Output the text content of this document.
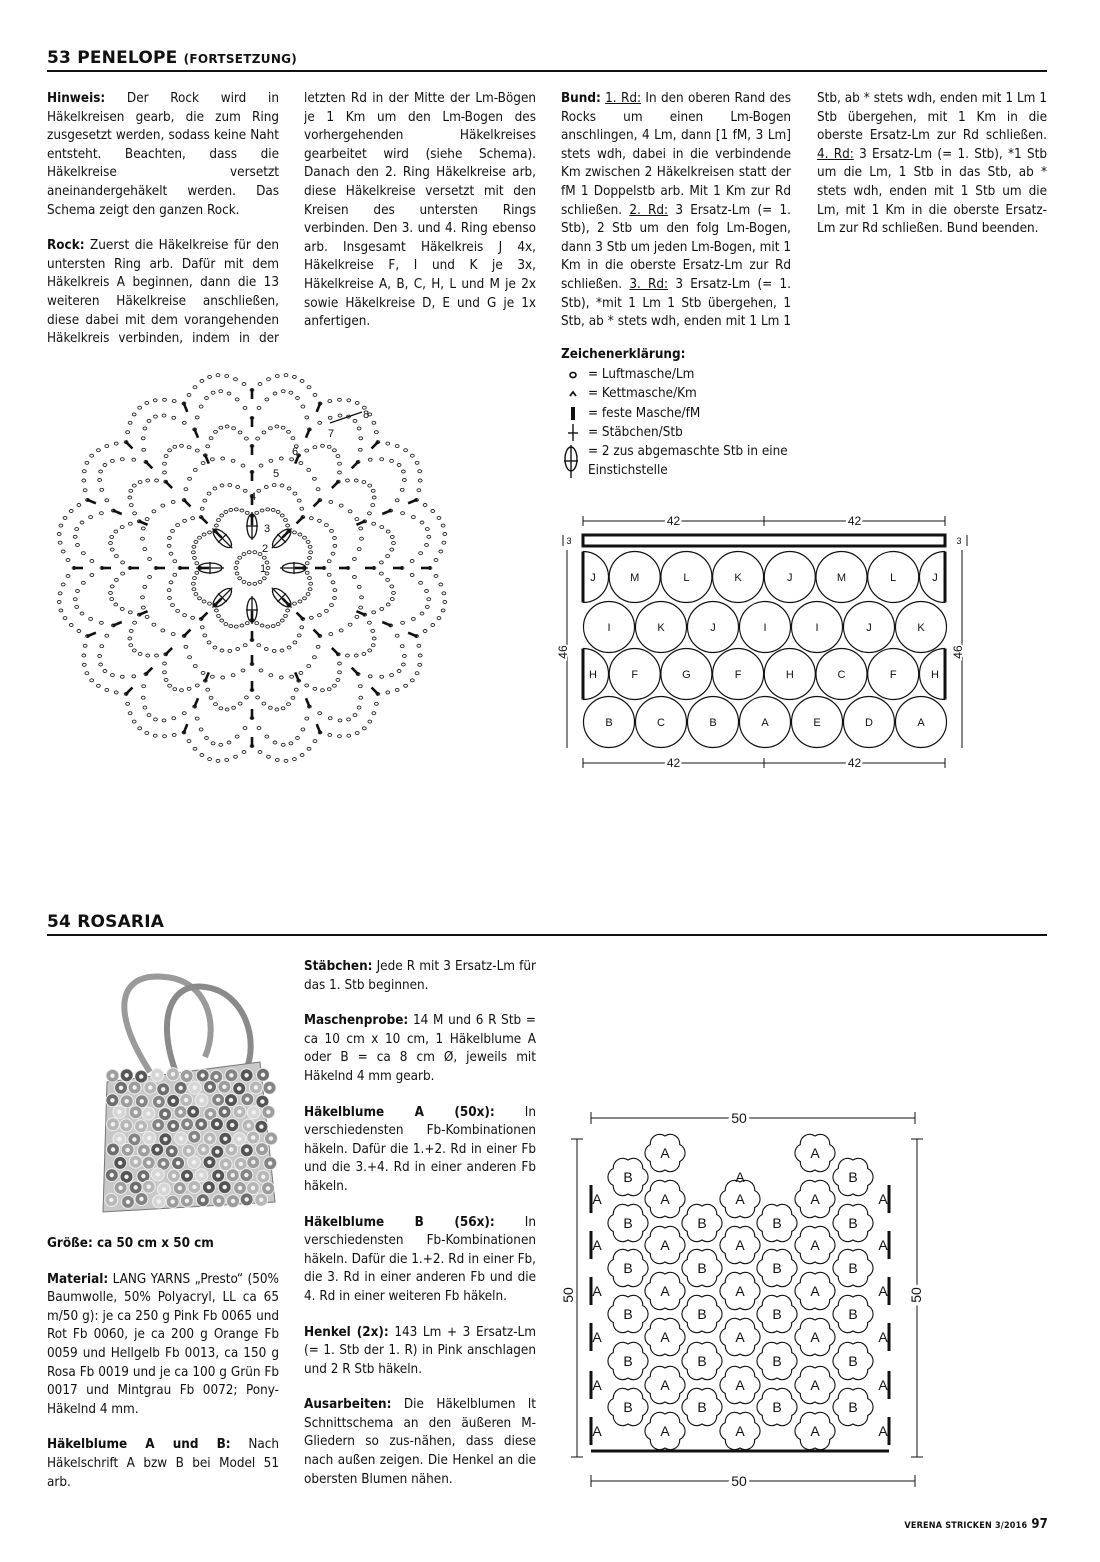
53 PENELOPE (FORTSETZUNG)

Hinweis: Der Rock wird in Häkelkreisen gearb, die zum Ring zusgesetzt werden, sodass keine Naht entsteht. Beachten, dass die Häkelkreise versetzt aneinandergehäkelt werden. Das Schema zeigt den ganzen Rock.

Rock: Zuerst die Häkelkreise für den untersten Ring arb. Dafür mit dem Häkelkreis A beginnen, dann die 13 weiteren Häkelkreise anschließen, diese dabei mit dem vorangehenden Häkelkreis verbinden, indem in der

letzten Rd in der Mitte der Lm-Bögen je 1 Km um den Lm-Bogen des vorhergehenden Häkelkreises gearbeitet wird (siehe Schema). Danach den 2. Ring Häkelkreise arb, diese Häkelkreise versetzt mit den Kreisen des untersten Rings verbinden. Den 3. und 4. Ring ebenso arb. Insgesamt Häkelkreis J 4x, Häkelkreise F, I und K je 3x, Häkelkreise A, B, C, H, L und M je 2x sowie Häkelkreise D, E und G je 1x anfertigen.
Bund: 1. Rd: In den oberen Rand des Rocks um einen Lm-Bogen anschlingen, 4 Lm, dann [1 fM, 3 Lm] stets wdh, dabei in die verbindende Km zwischen 2 Häkelkreisen statt der fM 1 Doppelstb arb. Mit 1 Km zur Rd schließen. 2. Rd: 3 Ersatz-Lm (= 1. Stb), 2 Stb um den folg Lm-Bogen, dann 3 Stb um jeden Lm-Bogen, mit 1 Km in die oberste Ersatz-Lm zur Rd schließen. 3. Rd: 3 Ersatz-Lm (= 1. Stb), *mit 1 Lm 1 Stb übergehen, 1 Stb, ab * stets wdh, enden mit 1 Lm 1
Stb, ab * stets wdh, enden mit 1 Lm 1 Stb übergehen, mit 1 Km in die oberste Ersatz-Lm zur Rd schließen. 4. Rd: 3 Ersatz-Lm (= 1. Stb), *1 Stb um die Lm, 1 Stb in das Stb, ab * stets wdh, enden mit 1 Stb um die Lm, mit 1 Km in die oberste Ersatz-Lm zur Rd schließen. Bund beenden.
Zeichenerklärung:
= Luftmasche/Lm
= Kettmasche/Km
= feste Masche/fM
= Stäbchen/Stb
= 2 zus abgemaschte Stb in eine Einstichstelle
1
2
3
4
5
6
7
8
42	42
3	3
46	46
J	M	L	K	J	M	L	J
I	K	J	I	I	J	K
H	F	G	F	H	C	F	H
B	C	B	A	E	D	A
42	42
54 ROSARIA

Größe: ca 50 cm x 50 cm

Material: LANG YARNS „Presto“ (50% Baumwolle, 50% Polyacryl, LL ca 65 m/50 g): je ca 250 g Pink Fb 0065 und Rot Fb 0060, je ca 200 g Orange Fb 0059 und Hellgelb Fb 0013, ca 150 g Rosa Fb 0019 und je ca 100 g Grün Fb 0017 und Mintgrau Fb 0072; Pony-Häkelnd 4 mm.

Häkelblume A und B: Nach Häkelschrift A bzw B bei Model 51 arb.

Stäbchen: Jede R mit 3 Ersatz-Lm für das 1. Stb beginnen.

Maschenprobe: 14 M und 6 R Stb = ca 10 cm x 10 cm, 1 Häkelblume A oder B = ca 8 cm Ø, jeweils mit Häkelnd 4 mm gearb.

Häkelblume A (50x): In verschiedensten Fb-Kombinationen häkeln. Dafür die 1.+2. Rd in einer Fb und die 3.+4. Rd in einer anderen Fb häkeln.

Häkelblume B (56x): In verschiedensten Fb-Kombinationen häkeln. Dafür die 1.+2. Rd in einer Fb, die 3. Rd in einer anderen Fb und die 4. Rd in einer weiteren Fb häkeln.

Henkel (2x): 143 Lm + 3 Ersatz-Lm (= 1. Stb der 1. R) in Pink anschlagen und 2 R Stb häkeln.

Ausarbeiten: Die Häkelblumen lt Schnittschema an den äußeren M-Gliedern so zus-nähen, dass diese nach außen zeigen. Die Henkel an die obersten Blumen nähen.

50
50
50	50
A	A
B	B
A	A	A
A	A
B	B	B	B
A	A	A
A	A
B	B	B	B
A	A	A
A	A
B	B	B	B
A	A	A
A	A
B	B	B	B
A	A	A
A	A
B	B	B	B
A	A	A
A	A
A
VERENA STRICKEN 3/2016 97
